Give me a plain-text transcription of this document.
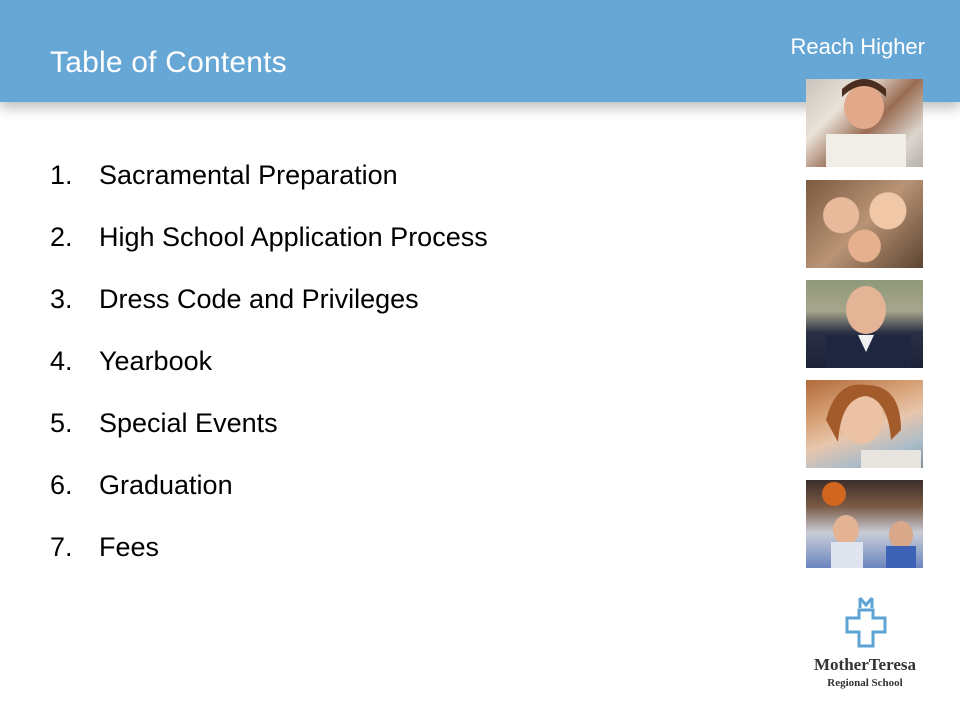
Table of Contents	Reach Higher
1. Sacramental Preparation
2. High School Application Process
3. Dress Code and Privileges
4. Yearbook
5. Special Events
6. Graduation
7. Fees
MotherTeresa
Regional School
